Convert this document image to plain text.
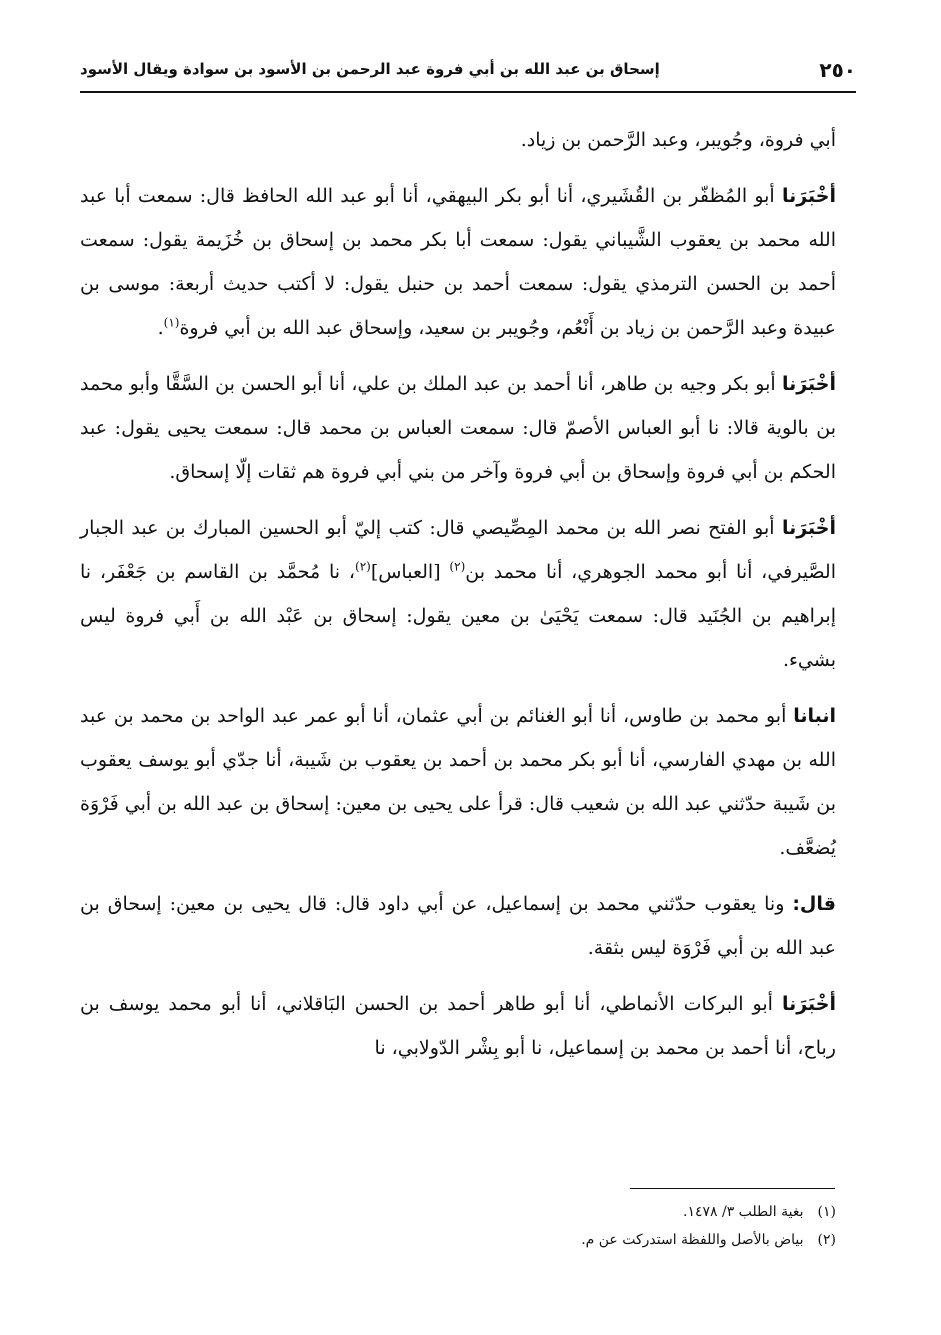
٢٥٠
إسحاق بن عبد الله بن أبي فروة عبد الرحمن بن الأسود بن سوادة ويقال الأسود

أبي فروة، وجُويبر، وعبد الرَّحمن بن زياد.

أخْبَرَنا أبو المُظفّر بن القُشَيري، أنا أبو بكر البيهقي، أنا أبو عبد الله الحافظ قال: سمعت أبا عبد الله محمد بن يعقوب الشَّيباني يقول: سمعت أبا بكر محمد بن إسحاق بن خُزَيمة يقول: سمعت أحمد بن الحسن الترمذي يقول: سمعت أحمد بن حنبل يقول: لا أكتب حديث أربعة: موسى بن عبيدة وعبد الرَّحمن بن زياد بن أَنْعُم، وجُويبر بن سعيد، وإسحاق عبد الله بن أبي فروة$^{(١)}$.

أخْبَرَنا أبو بكر وجيه بن طاهر، أنا أحمد بن عبد الملك بن علي، أنا أبو الحسن بن السَّقَّا وأبو محمد بن بالوية قالا: نا أبو العباس الأصمّ قال: سمعت العباس بن محمد قال: سمعت يحيى يقول: عبد الحكم بن أبي فروة وإسحاق بن أبي فروة وآخر من بني أبي فروة هم ثقات إلّا إسحاق.

أخْبَرَنا أبو الفتح نصر الله بن محمد المِصِّيصي قال: كتب إليّ أبو الحسين المبارك بن عبد الجبار الصَّيرفي، أنا أبو محمد الجوهري، أنا محمد بن$^{(٢)}$ [العباس]$^{(٢)}$، نا مُحمَّد بن القاسم بن جَعْفَر، نا إبراهيم بن الجُنَيد قال: سمعت يَحْيَىٰ بن معين يقول: إسحاق بن عَبْد الله بن أَبي فروة ليس بشيء.

انبانا أبو محمد بن طاوس، أنا أبو الغنائم بن أبي عثمان، أنا أبو عمر عبد الواحد بن محمد بن عبد الله بن مهدي الفارسي، أنا أبو بكر محمد بن أحمد بن يعقوب بن شَيبة، أنا جدّي أبو يوسف يعقوب بن شَيبة حدّثني عبد الله بن شعيب قال: قرأ على يحيى بن معين: إسحاق بن عبد الله بن أبي فَرْوَة يُضعَّف.

قال: ونا يعقوب حدّثني محمد بن إسماعيل، عن أبي داود قال: قال يحيى بن معين: إسحاق بن عبد الله بن أبي فَرْوَة ليس بثقة.

أخْبَرَنا أبو البركات الأنماطي، أنا أبو طاهر أحمد بن الحسن البَاقلاني، أنا أبو محمد يوسف بن رباح، أنا أحمد بن محمد بن إسماعيل، نا أبو بِشْر الدّولابي، نا

(١)بغية الطلب ٣/ ١٤٧٨.
(٢)بياض بالأصل واللفظة استدركت عن م.
